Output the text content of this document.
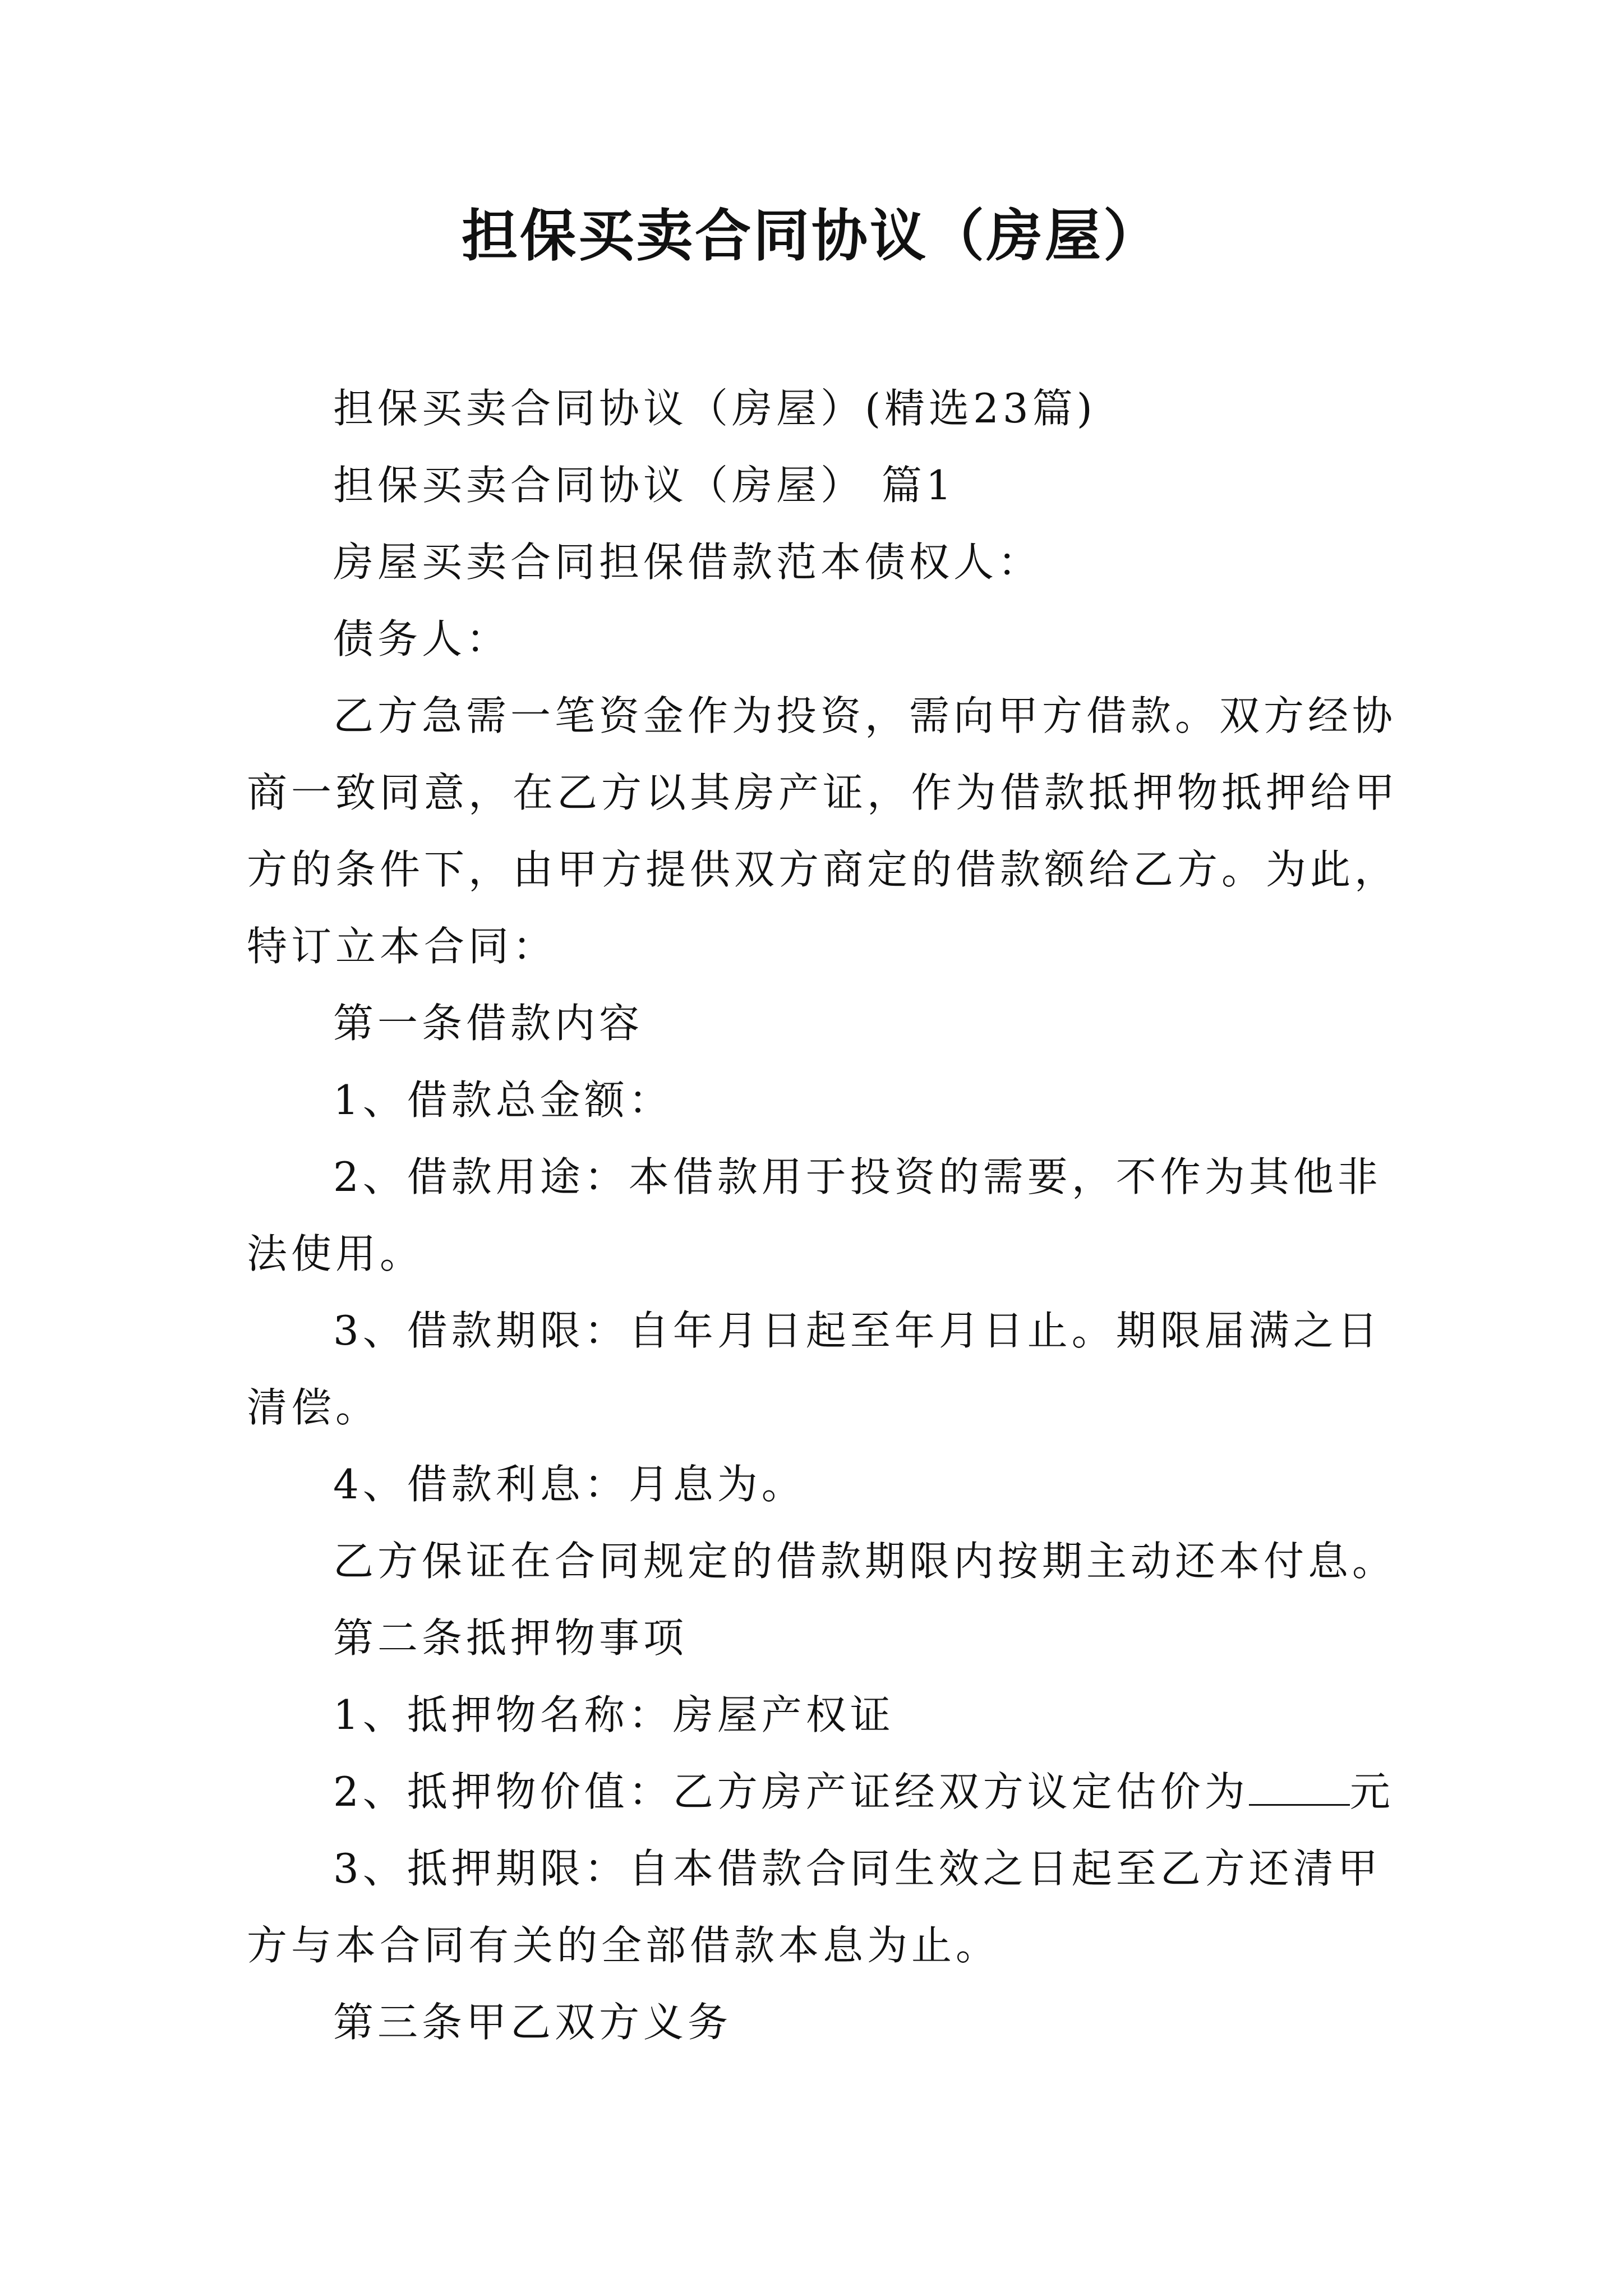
担保买卖合同协议（房屋）

担保买卖合同协议（房屋）(精选23篇)

担保买卖合同协议（房屋） 篇1

房屋买卖合同担保借款范本债权人：

债务人：

乙方急需一笔资金作为投资，需向甲方借款。双方经协商一致同意，在乙方以其房产证，作为借款抵押物抵押给甲方的条件下，由甲方提供双方商定的借款额给乙方。为此，特订立本合同：

第一条借款内容

1、借款总金额：

2、借款用途：本借款用于投资的需要，不作为其他非法使用。

3、借款期限：自年月日起至年月日止。期限届满之日清偿。

4、借款利息：月息为。

乙方保证在合同规定的借款期限内按期主动还本付息。

第二条抵押物事项

1、抵押物名称：房屋产权证

2、抵押物价值：乙方房产证经双方议定估价为	元

3、抵押期限：自本借款合同生效之日起至乙方还清甲方与本合同有关的全部借款本息为止。

第三条甲乙双方义务
